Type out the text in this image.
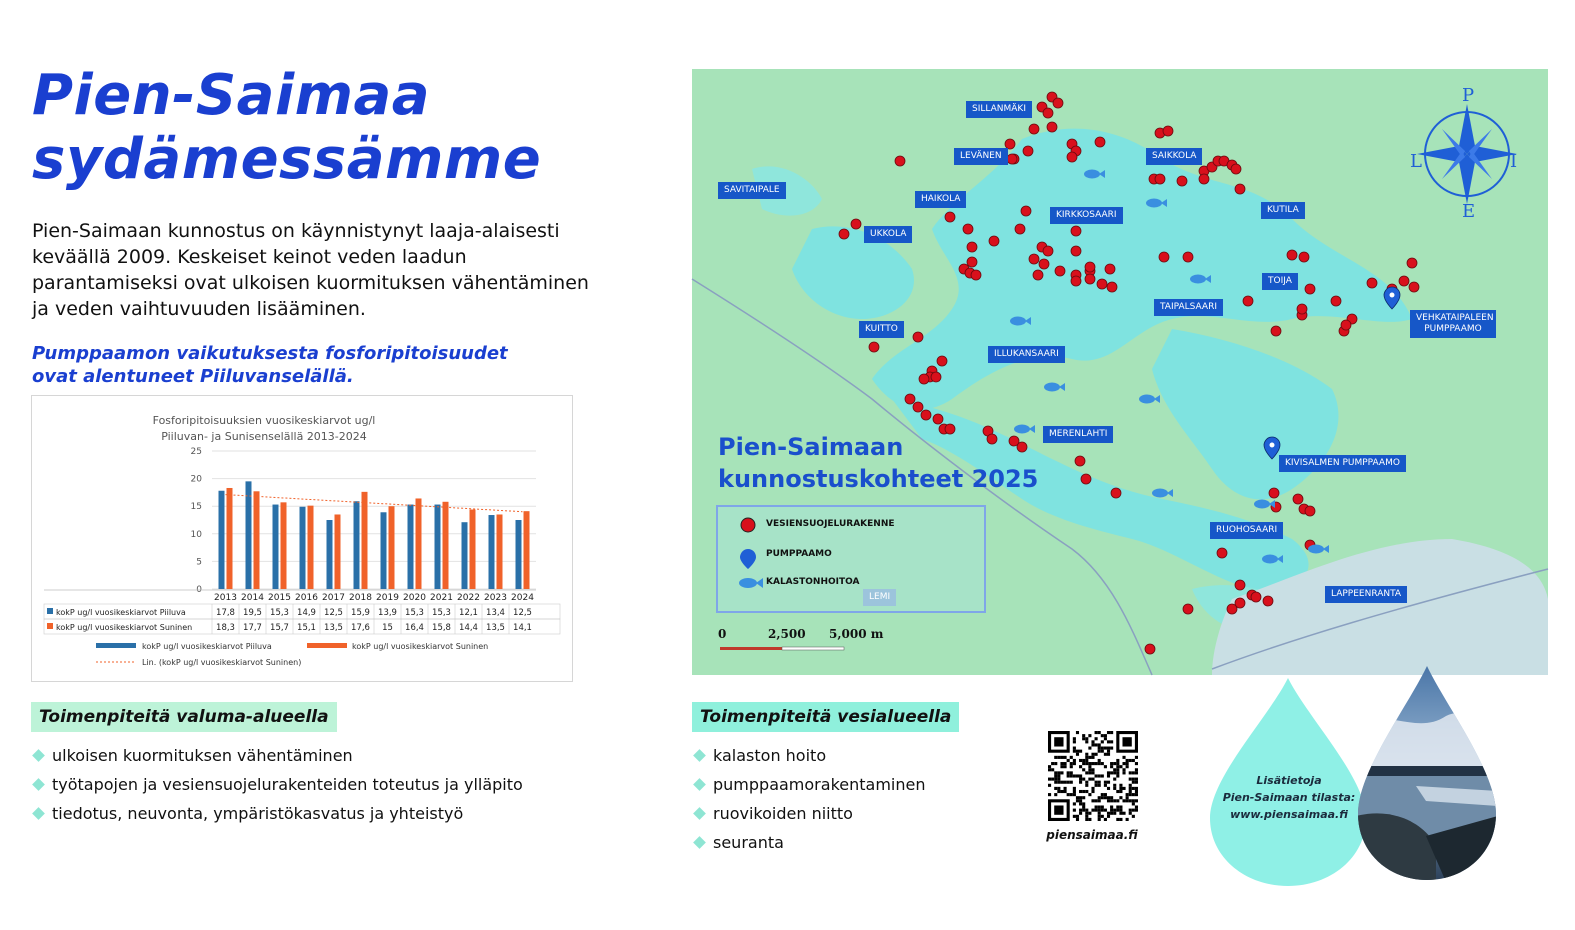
Pien-Saimaa
sydämessämme
Pien-Saimaan kunnostus on käynnistynyt laaja-alaisesti keväällä 2009. Keskeiset keinot veden laadun parantamiseksi ovat ulkoisen kuormituksen vähentäminen ja veden vaihtuvuuden lisääminen.
Pumppaamon vaikutuksesta fosforipitoisuudet
ovat alentuneet Piiluvanselällä.
Fosforipitoisuuksien vuosikeskiarvot ug/l
Piiluvan- ja Sunisenselällä 2013-2024
0
5
10
15
20
25
2013 2014 2015 2016 2017 2018 2019 2020 2021 2022 2023 2024
kokP ug/l vuosikeskiarvot Piiluva	17,8 19,5 15,3 14,9 12,5 15,9 13,9 15,3 15,3 12,1 13,4 12,5
kokP ug/l vuosikeskiarvot Suninen	18,3 17,7 15,7 15,1 13,5 17,6 15 16,4 15,8 14,4 13,5 14,1
kokP ug/l vuosikeskiarvot Piiluva	kokP ug/l vuosikeskiarvot Suninen
Lin. (kokP ug/l vuosikeskiarvot Suninen)
Toimenpiteitä valuma-alueella
ulkoisen kuormituksen vähentäminen
työtapojen ja vesiensuojelurakenteiden toteutus ja ylläpito
tiedotus, neuvonta, ympäristökasvatus ja yhteistyö
Toimenpiteitä vesialueella
kalaston hoito
pumppaamorakentaminen
ruovikoiden niitto
seuranta
P
I
E
L
SILLANMÄKI
LEVÄNEN	SAIKKOLA
SAVITAIPALE
HAIKOLA
KIRKKOSAARI	KUTILA
UKKOLA
TOIJA
TAIPALSAARI
VEHKATAIPALEEN PUMPPAAMO
KUITTO
ILLUKANSAARI
MERENLAHTI
KIVISALMEN PUMPPAAMO
RUOHOSAARI
LAPPEENRANTA
Pien-Saimaan
kunnostuskohteet 2025
VESIENSUOJELURAKENNE
PUMPPAAMO
KALASTONHOITOA
LEMI
0	2,500 5,000 m
piensaimaa.fi
Lisätietoja
Pien-Saimaan tilasta:
www.piensaimaa.fi
